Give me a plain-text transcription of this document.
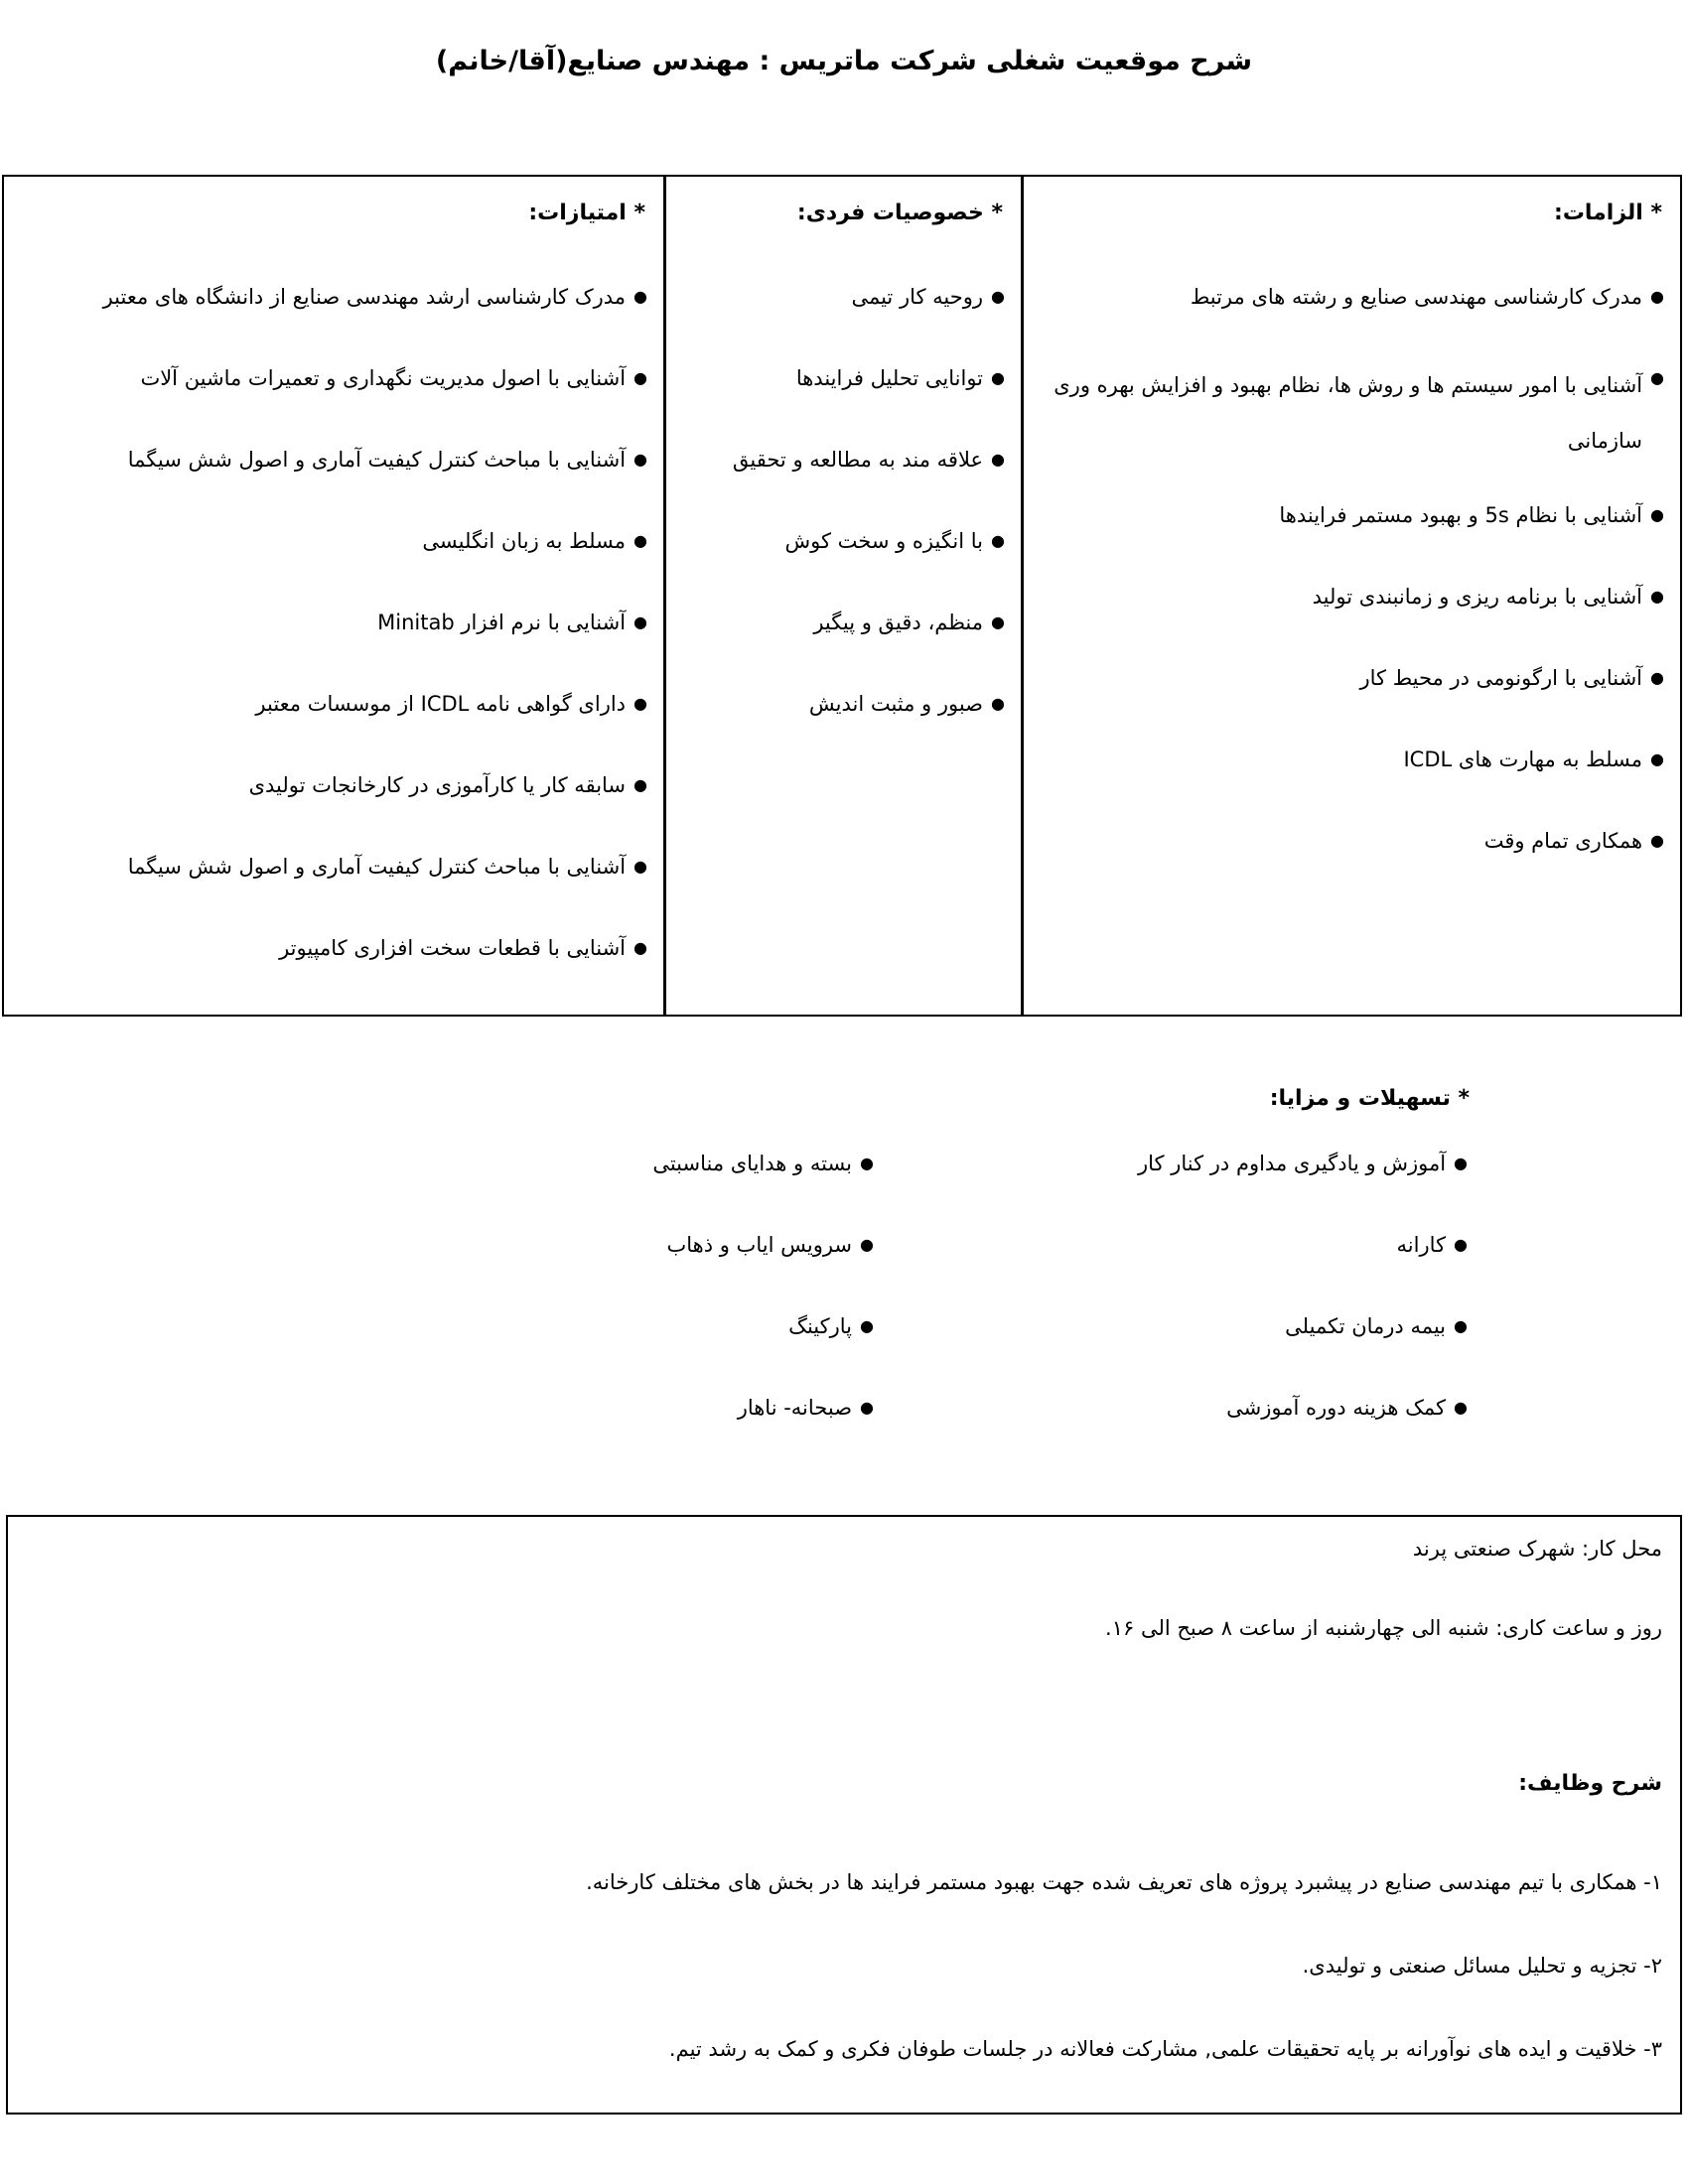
شرح موقعیت شغلی شرکت ماتریس : مهندس صنایع(آقا/خانم)
* الزامات:
●
مدرک کارشناسی مهندسی صنایع و رشته های مرتبط
●
آشنایی با امور سیستم ها و روش ها، نظام بهبود و افزایش بهره وری سازمانی
●
آشنایی با نظام 5s و بهبود مستمر فرایندها
●
آشنایی با برنامه ریزی و زمانبندی تولید
●
آشنایی با ارگونومی در محیط کار
●
مسلط به مهارت های ICDL
●
همکاری تمام وقت
* خصوصیات فردی:
●
روحیه کار تیمی
●
توانایی تحلیل فرایندها
●
علاقه مند به مطالعه و تحقیق
●
با انگیزه و سخت کوش
●
منظم، دقیق و پیگیر
●
صبور و مثبت اندیش
* امتیازات:
●
مدرک کارشناسی ارشد مهندسی صنایع از دانشگاه های معتبر
●
آشنایی با اصول مدیریت نگهداری و تعمیرات ماشین آلات
●
آشنایی با مباحث کنترل کیفیت آماری و اصول شش سیگما
●
مسلط به زبان انگلیسی
●
آشنایی با نرم افزار Minitab
●
دارای گواهی نامه ICDL از موسسات معتبر
●
سابقه کار یا کارآموزی در کارخانجات تولیدی
●
آشنایی با مباحث کنترل کیفیت آماری و اصول شش سیگما
●
آشنایی با قطعات سخت افزاری کامپیوتر
* تسهیلات و مزایا:
●
آموزش و یادگیری مداوم در کنار کار
●
کارانه
●
بیمه درمان تکمیلی
●
کمک هزینه دوره آموزشی
●
بسته و هدایای مناسبتی
●
سرویس ایاب و ذهاب
●
پارکینگ
●
صبحانه- ناهار
محل کار: شهرک صنعتی پرند
روز و ساعت کاری: شنبه الی چهارشنبه از ساعت ۸ صبح الی ۱۶.
شرح وظایف:
۱- همکاری با تیم مهندسی صنایع در پیشبرد پروژه های تعریف شده جهت بهبود مستمر فرایند ها در بخش های مختلف کارخانه.
۲- تجزیه و تحلیل مسائل صنعتی و تولیدی.
۳- خلاقیت و ایده های نوآورانه بر پایه تحقیقات علمی, مشارکت فعالانه در جلسات طوفان فکری و کمک به رشد تیم.
